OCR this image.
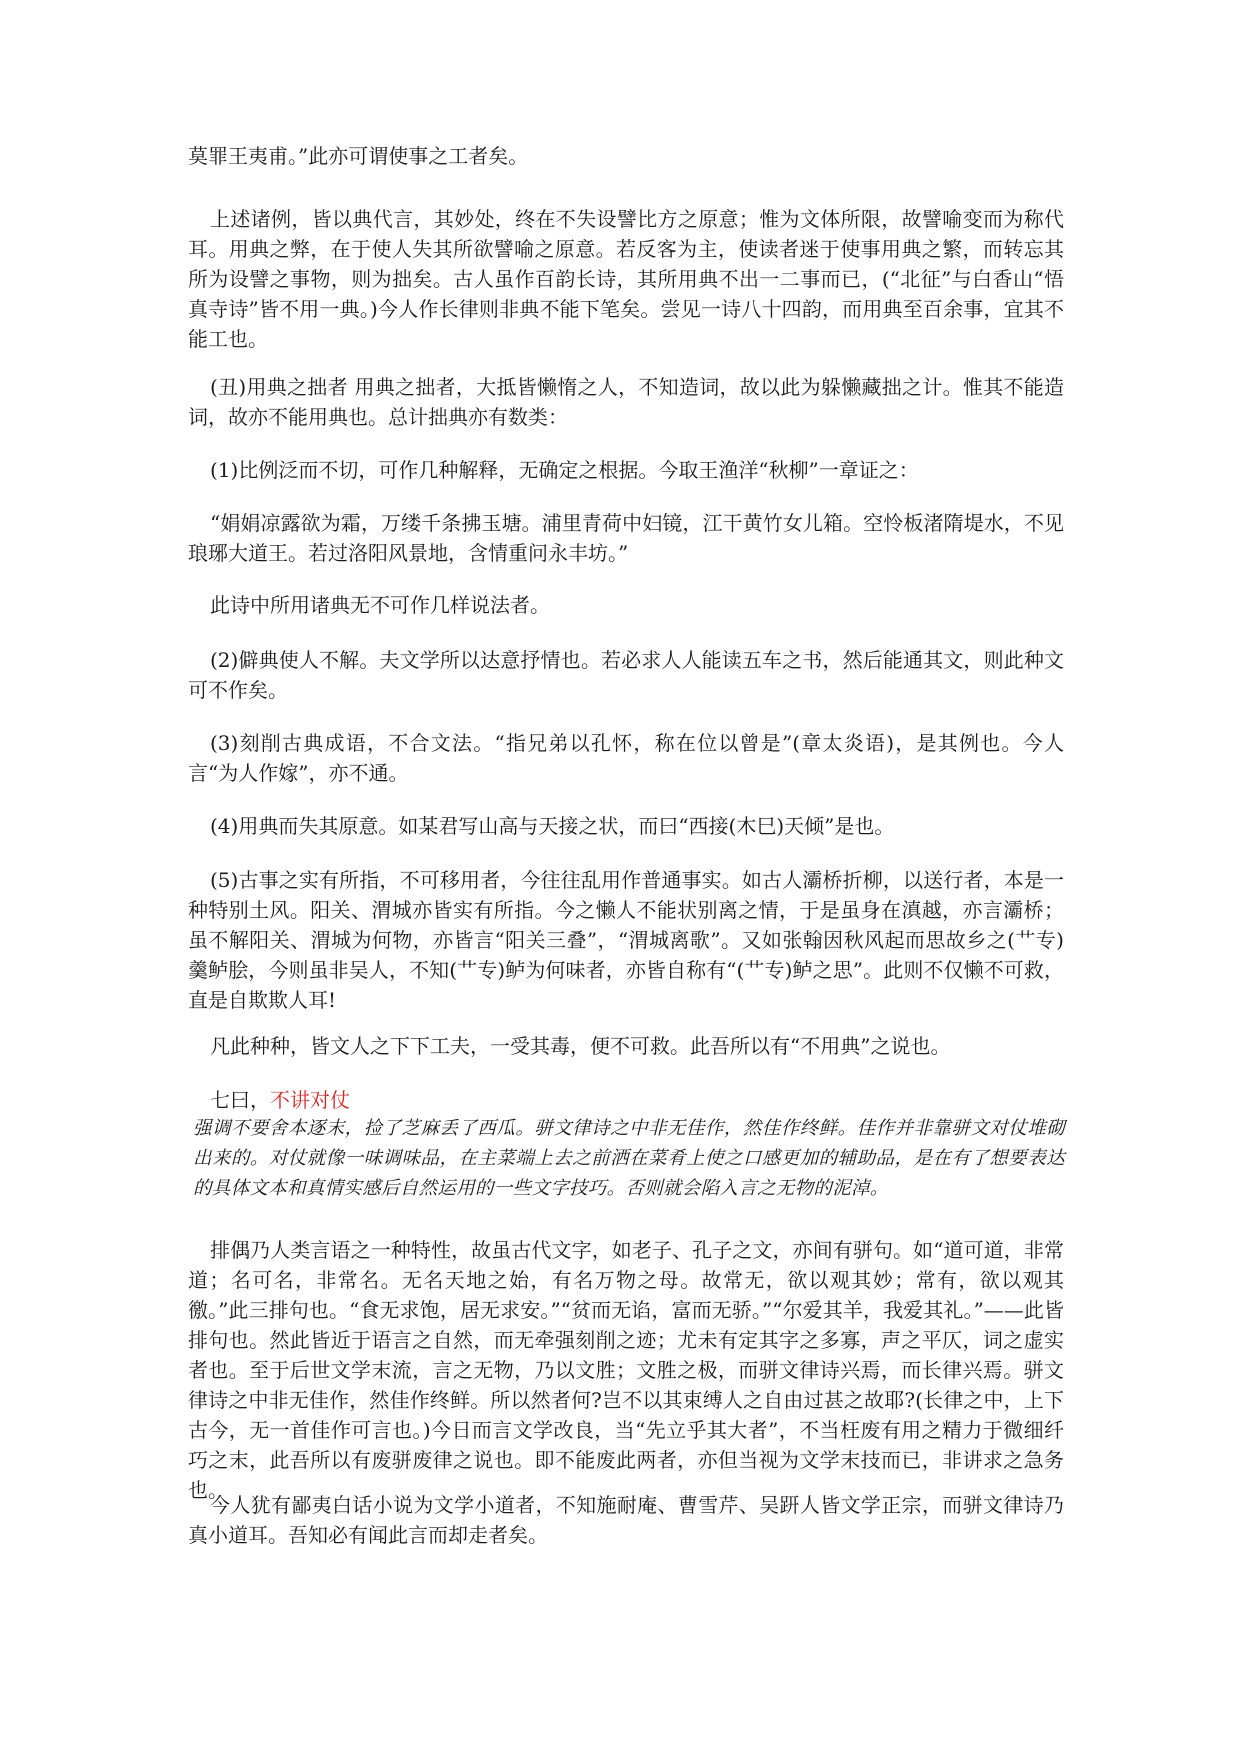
莫罪王夷甫。”此亦可谓使事之工者矣。
上述诸例，皆以典代言，其妙处，终在不失设譬比方之原意；惟为文体所限，故譬喻变而为称代耳。用典之弊，在于使人失其所欲譬喻之原意。若反客为主，使读者迷于使事用典之繁，而转忘其所为设譬之事物，则为拙矣。古人虽作百韵长诗，其所用典不出一二事而已，(“北征”与白香山“悟真寺诗”皆不用一典。)今人作长律则非典不能下笔矣。尝见一诗八十四韵，而用典至百余事，宜其不能工也。
(丑)用典之拙者 用典之拙者，大抵皆懒惰之人，不知造词，故以此为躲懒藏拙之计。惟其不能造词，故亦不能用典也。总计拙典亦有数类：
(1)比例泛而不切，可作几种解释，无确定之根据。今取王渔洋“秋柳”一章证之：
“娟娟凉露欲为霜，万缕千条拂玉塘。浦里青荷中妇镜，江干黄竹女儿箱。空怜板渚隋堤水，不见琅琊大道王。若过洛阳风景地，含情重问永丰坊。”
此诗中所用诸典无不可作几样说法者。
(2)僻典使人不解。夫文学所以达意抒情也。若必求人人能读五车之书，然后能通其文，则此种文可不作矣。
(3)刻削古典成语，不合文法。“指兄弟以孔怀，称在位以曾是”(章太炎语)，是其例也。今人言“为人作嫁”，亦不通。
(4)用典而失其原意。如某君写山高与天接之状，而曰“西接(木巳)天倾”是也。
(5)古事之实有所指，不可移用者，今往往乱用作普通事实。如古人灞桥折柳，以送行者，本是一种特别土风。阳关、渭城亦皆实有所指。今之懒人不能状别离之情，于是虽身在滇越，亦言灞桥；虽不解阳关、渭城为何物，亦皆言“阳关三叠”，“渭城离歌”。又如张翰因秋风起而思故乡之(艹专)羹鲈脍，今则虽非吴人，不知(艹专)鲈为何味者，亦皆自称有“(艹专)鲈之思”。此则不仅懒不可救，直是自欺欺人耳!
凡此种种，皆文人之下下工夫，一受其毒，便不可救。此吾所以有“不用典”之说也。
七曰，不讲对仗
强调不要舍本逐末，捡了芝麻丢了西瓜。骈文律诗之中非无佳作，然佳作终鲜。佳作并非靠骈文对仗堆砌出来的。对仗就像一味调味品，在主菜端上去之前洒在菜肴上使之口感更加的辅助品，是在有了想要表达的具体文本和真情实感后自然运用的一些文字技巧。否则就会陷入言之无物的泥淖。
排偶乃人类言语之一种特性，故虽古代文字，如老子、孔子之文，亦间有骈句。如“道可道，非常道；名可名，非常名。无名天地之始，有名万物之母。故常无，欲以观其妙；常有，欲以观其徼。”此三排句也。“食无求饱，居无求安。”“贫而无谄，富而无骄。”“尔爱其羊，我爱其礼。”——此皆排句也。然此皆近于语言之自然，而无牵强刻削之迹；尤未有定其字之多寡，声之平仄，词之虚实者也。至于后世文学末流，言之无物，乃以文胜；文胜之极，而骈文律诗兴焉，而长律兴焉。骈文律诗之中非无佳作，然佳作终鲜。所以然者何?岂不以其束缚人之自由过甚之故耶?(长律之中，上下古今，无一首佳作可言也。)今日而言文学改良，当“先立乎其大者”，不当枉废有用之精力于微细纤巧之末，此吾所以有废骈废律之说也。即不能废此两者，亦但当视为文学末技而已，非讲求之急务也。
今人犹有鄙夷白话小说为文学小道者，不知施耐庵、曹雪芹、吴趼人皆文学正宗，而骈文律诗乃真小道耳。吾知必有闻此言而却走者矣。
